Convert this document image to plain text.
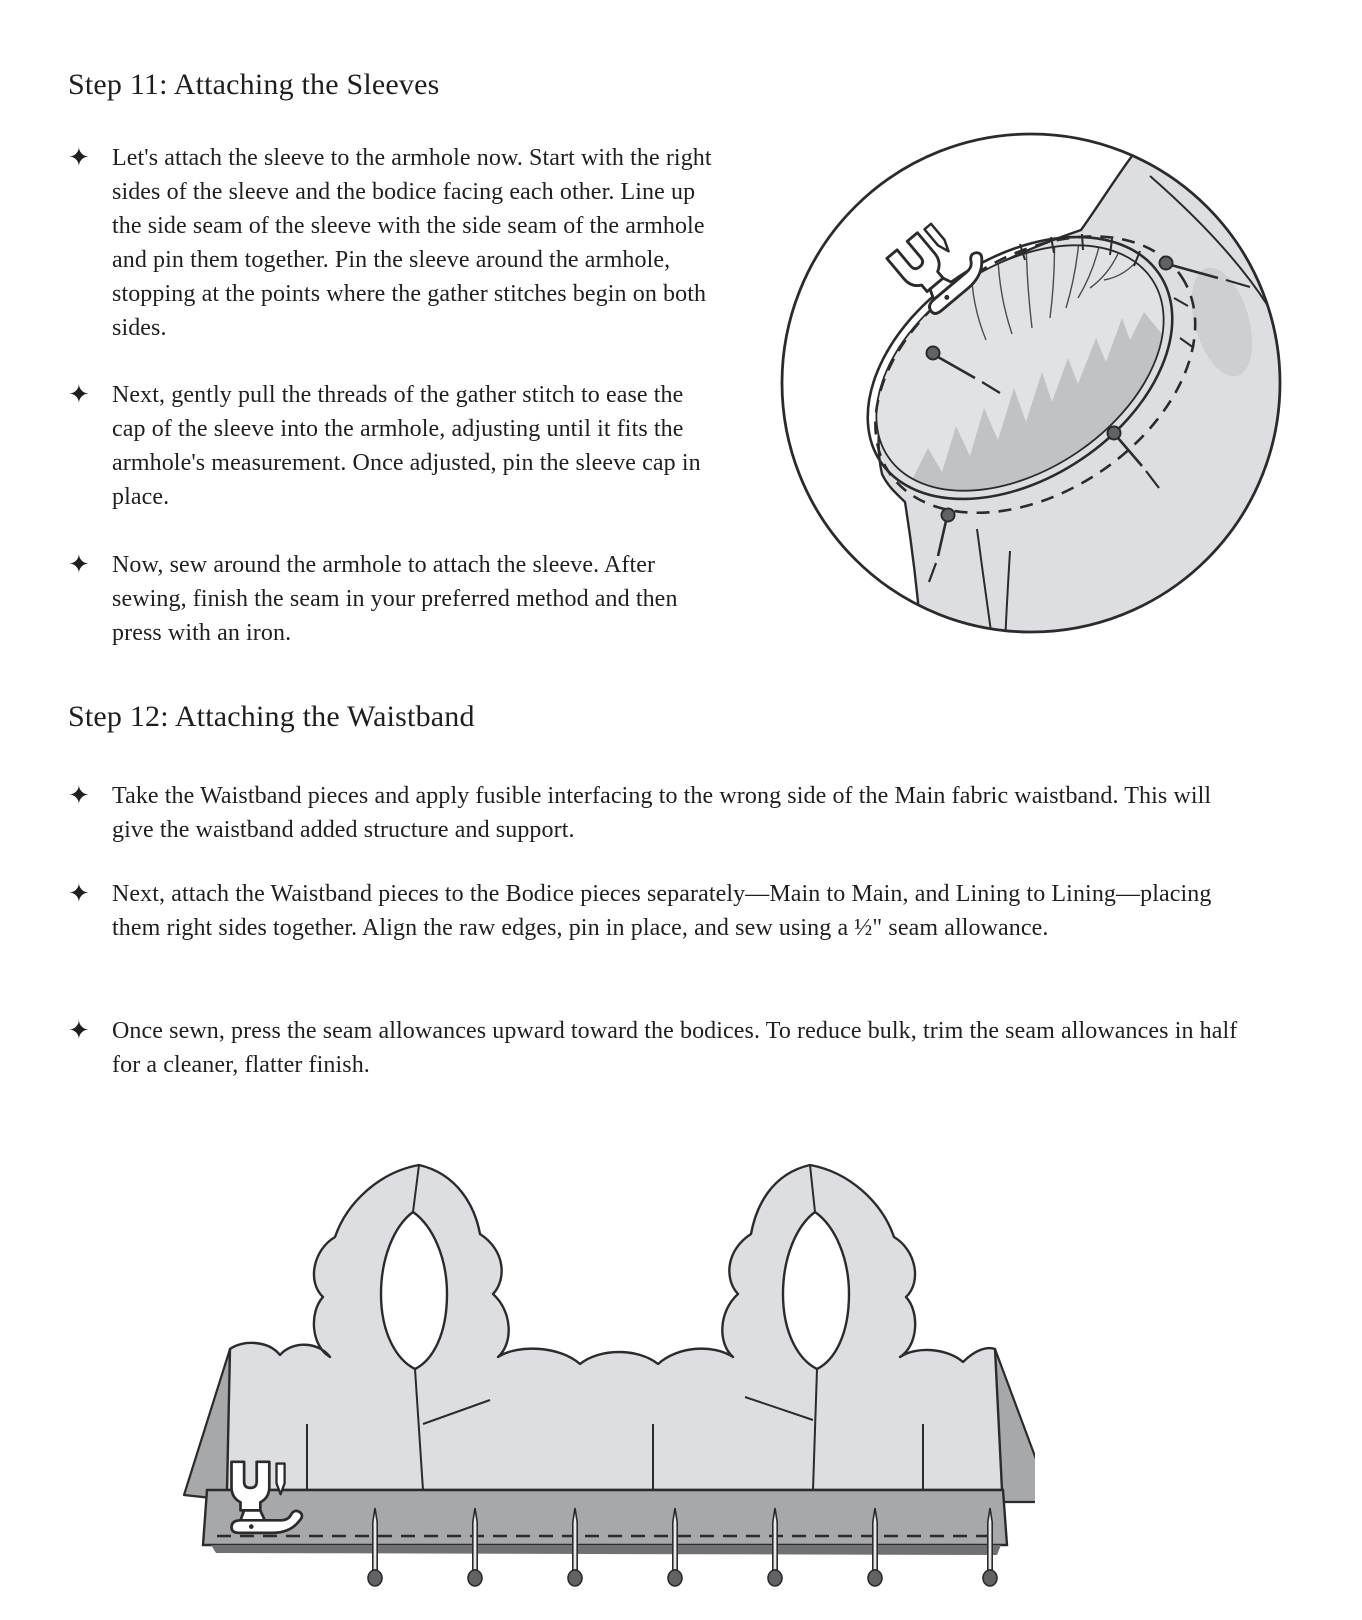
Step 11: Attaching the Sleeves
✦ Let's attach the sleeve to the armhole now. Start with the right sides of the sleeve and the bodice facing each other. Line up the side seam of the sleeve with the side seam of the armhole and pin them together. Pin the sleeve around the armhole, stopping at the points where the gather stitches begin on both sides.
✦ Next, gently pull the threads of the gather stitch to ease the cap of the sleeve into the armhole, adjusting until it fits the armhole's measurement. Once adjusted, pin the sleeve cap in place.
✦ Now, sew around the armhole to attach the sleeve. After sewing, finish the seam in your preferred method and then press with an iron.
Step 12: Attaching the Waistband
✦ Take the Waistband pieces and apply fusible interfacing to the wrong side of the Main fabric waistband. This will give the waistband added structure and support.
✦ Next, attach the Waistband pieces to the Bodice pieces separately—Main to Main, and Lining to Lining—placing them right sides together. Align the raw edges, pin in place, and sew using a ½" seam allowance.
✦ Once sewn, press the seam allowances upward toward the bodices. To reduce bulk, trim the seam allowances in half for a cleaner, flatter finish.
